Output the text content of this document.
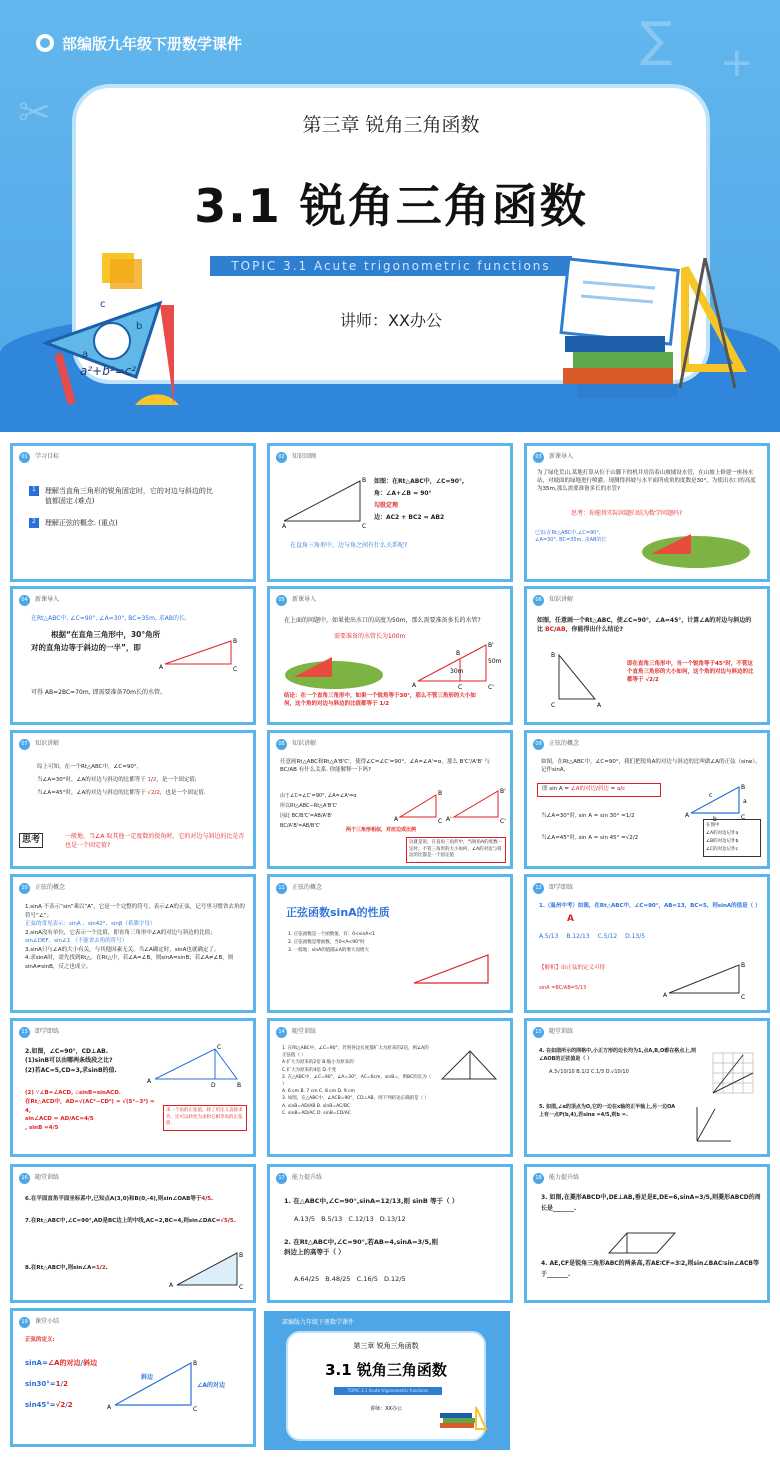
✂
∑ +
部编版九年级下册数学课件
第三章 锐角三角函数
3.1 锐角三角函数
TOPIC 3.1 Acute trigonometric functions
讲师：XX办公
c
b
a
a²+b²=c²
01	学习目标
1	理解当直角三角形的锐角固定时，它的对边与斜边的比值都固定.(难点)
2	理解正弦的概念. (重点)
02	知识回顾
A
B
C
如图：在Rt△ABC中，∠C=90°,
角：∠A+∠B = 90°
勾股定理
边：AC2 + BC2 = AB2
在直角三角形中，边与角之间有什么关系呢?
03	新课导入
为了绿化荒山,某地打算从位于山脚下的机井房沿着山坡铺设水管，在山坡上修建一座扬水站，对坡面的绿地进行喷灌。现测得斜坡与水平面所成角的度数是30°，为使出水口的高度为35m,那么需要准备多长的水管?
思考：你能将实际问题归结为数学问题吗?
已知:在Rt△ABC中,∠C=90°,
∠A=30°, BC=35m, 求AB的长
04	新课导入
在Rt△ABC中, ∠C=90°, ∠A=30°, BC=35m, 求AB的长.
根据“在直角三角形中，30°角所
对的直角边等于斜边的一半”，即
A
B
C
可得 AB=2BC=70m, 即需要准备70m长的水管。
05	新课导入
在上面的问题中，如果使出水口的高度为50m，那么需要准备多长的水管?
需要准备的水管长为100m
30m
50m
A
B
C
B'
C'
结论：在一个直角三角形中，如果一个锐角等于30°，那么不管三角形的大小如何，这个角的对边与斜边的比值都等于 1/2
06	知识讲解
如图，任意画一个Rt△ABC，使∠C=90°，∠A=45°，计算∠A的对边与斜边的比 BC/AB，你能得出什么结论?
B
C	A
即在直角三角形中，当一个锐角等于45°时，不管这个直角三角形的大小如何，这个角的对边与斜边的比都等于 √2/2
07	知识讲解
综上可知，在一个Rt△ABC中，∠C=90°,
当∠A=30°时，∠A的对边与斜边的比都等于 1/2，是一个固定值;
当∠A=45°时，∠A的对边与斜边的比都等于 √2/2，也是一个固定值.
思考	一般地，当∠A 取其他一定度数的锐角时，它的对边与斜边的比是否也是一个固定值?
08	知识讲解
任意画Rt△ABC和Rt△A'B'C'，使得∠C=∠C'=90°，∠A=∠A'=α，那么 B'C'/A'B' 与 BC/AB 有什么关系. 你能解释一下吗?
由于∠C=∠C'=90°, ∠A=∠A'=α
所以Rt△ABC∽Rt△A'B'C'
因此 BC/B'C'=AB/A'B'
BC/A'B'=AB/B'C'
两个三角形相似，对应边成比例
这就是说，在直角三角形中，当锐角A的度数一定时，不管三角形的大小如何，∠A的对边与斜边的比都是一个固定值
A
B
C A'
B'
C'
09	正弦的概念
如图，在Rt△ABC中，∠C=90°，我们把锐角A的对边与斜边的比叫做∠A的正弦（sine），记作sinA,
即 sin A = ∠A的对边/斜边 = a/c
当∠A=30°时, sin A = sin 30° =1/2
当∠A=45°时, sin A = sin 45° =√2/2
A
B
C
a
b
c
在图中
∠A的对边记作a
∠B的对边记作b
∠C的对边记作c
10	正弦的概念
1.sinA 不表示“sin”乘以“A”，它是一个完整的符号，表示∠A的正弦，记号里习惯省去角的符号“∠”；
正弦的常见表示：sinA 、sin42°、sinβ（希腊字母）
2.sinA没有单位，它表示一个比值，即直角三角形中∠A的对边与斜边的比值；
sin∠DEF、sin∠1 （不能省去角的符号）
3.sinA只与∠A的大小有关，与其他因素无关，当∠A确定时，sinA也就确定了。
4.求sinA时，需先找到Rt△。在Rt△中，若∠A=∠B，则sinA=sinB；若∠A≠∠B，则sinA≠sinB，反之也成立。
11	正弦的概念
正弦函数sinA的性质
1. 正弦函数是一个函数值，有：0<sinA<1
2. 正弦函数是增函数，当0<A<90°时
3. 一般地：sinA的值随∠A的增大而增大
12	即学即练
1.（温州中考）如图，在Rt△ABC中，∠C=90°，AB=13，BC=5，则sinA的值是（ ）
A
A.5/13 B.12/13 C.5/12 D.13/5
【解析】由正弦的定义可得
sinA =BC/AB=5/13
A
B
C
13	即学即练
2.如图，∠C=90°，CD⊥AB.
(1)sinB可以由哪两条线段之比?
(2)若AC=5,CD=3,求sinB的值.
(2) ∵∠B=∠ACD, ∴sinB=sinACD.
在Rt△ACD中，AD=√(AC²−CD²) = √(5²−3²) = 4,
sin∠ACD = AD/AC=4/5
, sinB =4/5
求一个角的正弦值，除了用定义直接求外，还可以转化为求和它相等角的正弦值.
A
B
C
D
14	随堂训练
1. 在Rt△ABC中，∠C=90°，若将各边长度都扩大为原来的2倍，则∠A的正弦值（ ）
A.扩大为原来的2倍 B.缩小为原来的
C.扩大为原来的4倍 D.不变
2. 在△ABC中，∠C=90°，∠A=30°，AC=6cm，sinB=，则BC的长为（ ）
A. 6 cm B. 7 cm C. 8 cm D. 9 cm
3. 如图，在△ABC中，∠ACB=90°，CD⊥AB，则下列结论正确的是（ ）
A. sinB=AD/AB B. sinB=AC/BC
C. sinB=AD/AC D. sinB=CD/AC
15	随堂训练
4. 在如图所示的网格中,小正方形的边长均为1,点A,B,O都在格点上,则∠AOB的正弦值是（ ）
A.3√10/10 B.1/2 C.1/3 D.√10/10
5. 如图,∠α的顶点为O,它的一边在x轴的正半轴上,另一边OA上有一点P(b,4),若sinα =4/5,则b =.
16	随堂训练
6.在平面直角平面坐标系中,已知点A(3,0)和B(0,-4),则sin∠OAB等于4/5.
7.在Rt△ABC中,∠C=90°,AD是BC边上的中线,AC=2,BC=4,则sin∠DAC=√5/5.
8.在Rt△ABC中,则sin∠A=1/2.
A
B
C
17	能力提升练
1. 在△ABC中,∠C=90°,sinA=12/13,则 sinB 等于（ ）
A.13/5 B.5/13 C.12/13 D.13/12
2. 在Rt△ABC中,∠C=90°,若AB=4,sinA=3/5,则
斜边上的高等于（ ）
A.64/25 B.48/25 C.16/5 D.12/5
18	能力提升练
3. 如图,在菱形ABCD中,DE⊥AB,垂足是E,DE=6,sinA=3/5,则菱形ABCD的周长是_______.
4. AE,CF是锐角三角形ABC的两条高,若AE∶CF=3∶2,则sin∠BAC∶sin∠ACB等于_______.
19	课堂小结
正弦的定义:
sinA=∠A的对边/斜边
sin30°=1/2
sin45°=√2/2	A
B
C
斜边
∠A的对边
部编版九年级下册数学课件
第三章 锐角三角函数
3.1 锐角三角函数
TOPIC 3.1 Acute trigonometric functions
讲师：XX办公
